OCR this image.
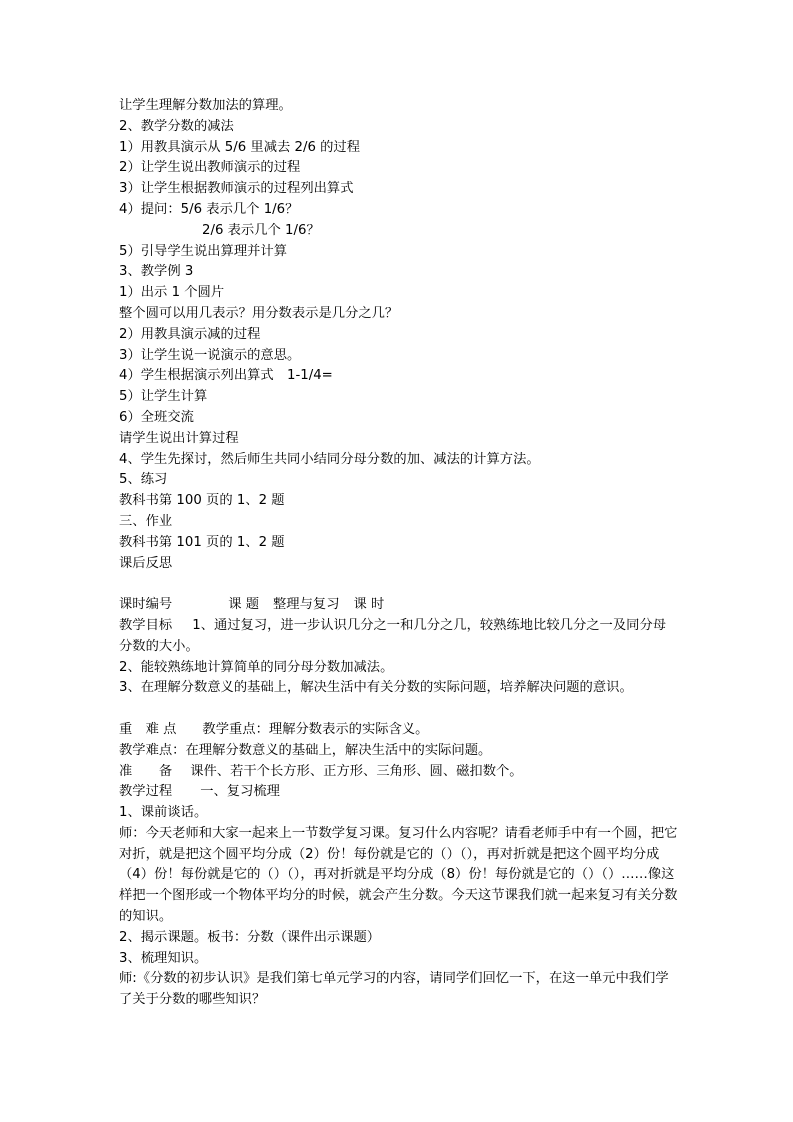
让学生理解分数加法的算理。
2、教学分数的减法
1）用教具演示从 5/6 里减去 2/6 的过程
2）让学生说出教师演示的过程
3）让学生根据教师演示的过程列出算式
4）提问：5/6 表示几个 1/6？
2/6 表示几个 1/6？
5）引导学生说出算理并计算
3、教学例 3
1）出示 1 个圆片
整个圆可以用几表示？用分数表示是几分之几？
2）用教具演示减的过程
3）让学生说一说演示的意思。
4）学生根据演示列出算式　1-1/4=
5）让学生计算
6）全班交流
请学生说出计算过程
4、学生先探讨，然后师生共同小结同分母分数的加、减法的计算方法。
5、练习
教科书第 100 页的 1、2 题
三、作业
教科书第 101 页的 1、2 题
课后反思
课时编号	课 题 整理与复习 课 时
教学目标 1、通过复习，进一步认识几分之一和几分之几，较熟练地比较几分之一及同分母分数的大小。
2、能较熟练地计算简单的同分母分数加减法。
3、在理解分数意义的基础上，解决生活中有关分数的实际问题，培养解决问题的意识。
重　难 点 教学重点：理解分数表示的实际含义。
教学难点：在理解分数意义的基础上，解决生活中的实际问题。
准　　备 课件、若干个长方形、正方形、三角形、圆、磁扣数个。
教学过程 一、复习梳理
1、课前谈话。
师：今天老师和大家一起来上一节数学复习课。复习什么内容呢？请看老师手中有一个圆，把它对折，就是把这个圆平均分成（2）份！每份就是它的（）（），再对折就是把这个圆平均分成（4）份！每份就是它的（）（），再对折就是平均分成（8）份！每份就是它的（）（）……像这样把一个图形或一个物体平均分的时候，就会产生分数。今天这节课我们就一起来复习有关分数的知识。
2、揭示课题。板书：分数（课件出示课题）
3、梳理知识。
师:《分数的初步认识》是我们第七单元学习的内容，请同学们回忆一下，在这一单元中我们学了关于分数的哪些知识？
